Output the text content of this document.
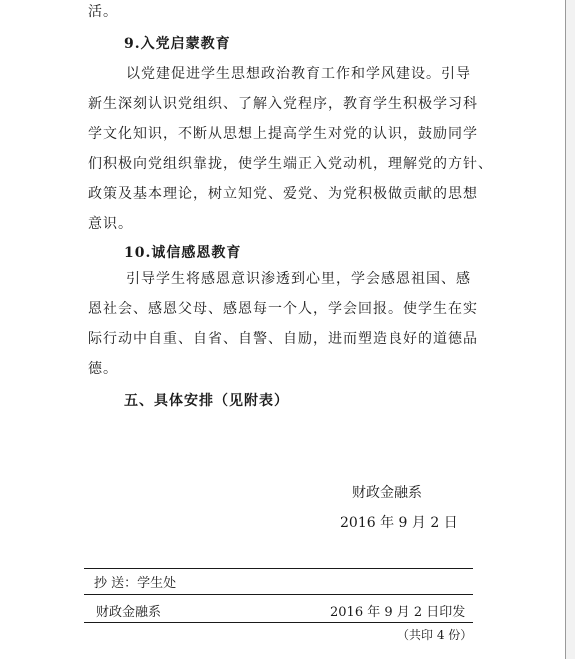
活。
9.入党启蒙教育
以党建促进学生思想政治教育工作和学风建设。引导
新生深刻认识党组织、了解入党程序，教育学生积极学习科
学文化知识，不断从思想上提高学生对党的认识，鼓励同学
们积极向党组织靠拢，使学生端正入党动机，理解党的方针、
政策及基本理论，树立知党、爱党、为党积极做贡献的思想
意识。
10.诚信感恩教育
引导学生将感恩意识渗透到心里，学会感恩祖国、感
恩社会、感恩父母、感恩每一个人，学会回报。使学生在实
际行动中自重、自省、自警、自励，进而塑造良好的道德品
德。
五、具体安排（见附表）
财政金融系
2016 年 9 月 2 日
抄 送：学生处
财政金融系	2016 年 9 月 2 日印发
（共印 4 份）
